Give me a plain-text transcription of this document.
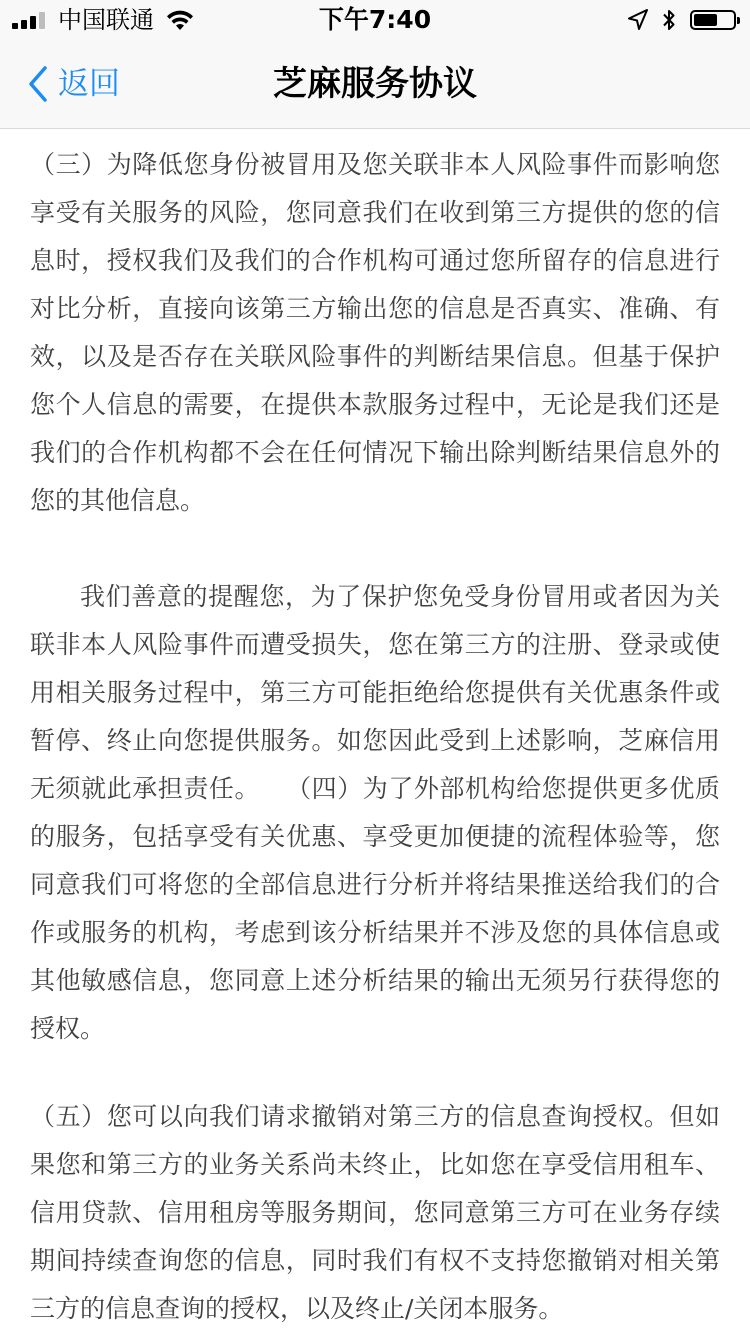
中国联通	下午7:40
返回	芝麻服务协议

（三）为降低您身份被冒用及您关联非本人风险事件而影响您享受有关服务的风险，您同意我们在收到第三方提供的您的信息时，授权我们及我们的合作机构可通过您所留存的信息进行对比分析，直接向该第三方输出您的信息是否真实、准确、有效，以及是否存在关联风险事件的判断结果信息。但基于保护您个人信息的需要，在提供本款服务过程中，无论是我们还是我们的合作机构都不会在任何情况下输出除判断结果信息外的您的其他信息。

我们善意的提醒您，为了保护您免受身份冒用或者因为关联非本人风险事件而遭受损失，您在第三方的注册、登录或使用相关服务过程中，第三方可能拒绝给您提供有关优惠条件或暂停、终止向您提供服务。如您因此受到上述影响，芝麻信用无须就此承担责任。　　（四）为了外部机构给您提供更多优质的服务，包括享受有关优惠、享受更加便捷的流程体验等，您同意我们可将您的全部信息进行分析并将结果推送给我们的合作或服务的机构，考虑到该分析结果并不涉及您的具体信息或其他敏感信息，您同意上述分析结果的输出无须另行获得您的授权。

（五）您可以向我们请求撤销对第三方的信息查询授权。但如果您和第三方的业务关系尚未终止，比如您在享受信用租车、信用贷款、信用租房等服务期间，您同意第三方可在业务存续期间持续查询您的信息，同时我们有权不支持您撤销对相关第三方的信息查询的授权，以及终止/关闭本服务。
